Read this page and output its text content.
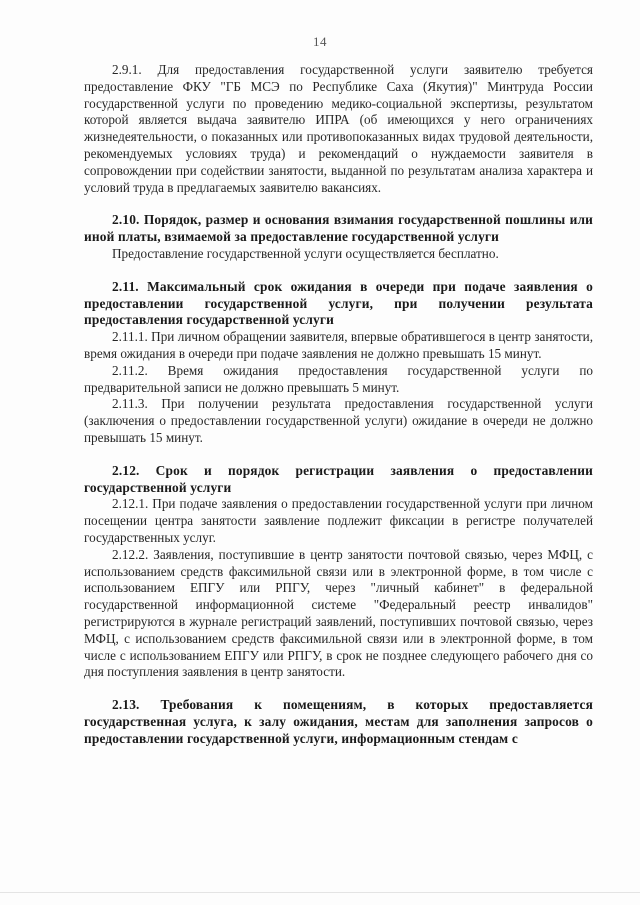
14

2.9.1. Для предоставления государственной услуги заявителю требуется предоставление ФКУ "ГБ МСЭ по Республике Саха (Якутия)" Минтруда России государственной услуги по проведению медико-социальной экспертизы, результатом которой является выдача заявителю ИПРА (об имеющихся у него ограничениях жизнедеятельности, о показанных или противопоказанных видах трудовой деятельности, рекомендуемых условиях труда) и рекомендаций о нуждаемости заявителя в сопровождении при содействии занятости, выданной по результатам анализа характера и условий труда в предлагаемых заявителю вакансиях.

2.10. Порядок, размер и основания взимания государственной пошлины или иной платы, взимаемой за предоставление государственной услуги

Предоставление государственной услуги осуществляется бесплатно.

2.11. Максимальный срок ожидания в очереди при подаче заявления о предоставлении государственной услуги, при получении результата предоставления государственной услуги

2.11.1. При личном обращении заявителя, впервые обратившегося в центр занятости, время ожидания в очереди при подаче заявления не должно превышать 15 минут.

2.11.2. Время ожидания предоставления государственной услуги по предварительной записи не должно превышать 5 минут.

2.11.3. При получении результата предоставления государственной услуги (заключения о предоставлении государственной услуги) ожидание в очереди не должно превышать 15 минут.

2.12. Срок и порядок регистрации заявления о предоставлении государственной услуги

2.12.1. При подаче заявления о предоставлении государственной услуги при личном посещении центра занятости заявление подлежит фиксации в регистре получателей государственных услуг.

2.12.2. Заявления, поступившие в центр занятости почтовой связью, через МФЦ, с использованием средств факсимильной связи или в электронной форме, в том числе с использованием ЕПГУ или РПГУ, через "личный кабинет" в федеральной государственной информационной системе "Федеральный реестр инвалидов" регистрируются в журнале регистраций заявлений, поступивших почтовой связью, через МФЦ, с использованием средств факсимильной связи или в электронной форме, в том числе с использованием ЕПГУ или РПГУ, в срок не позднее следующего рабочего дня со дня поступления заявления в центр занятости.

2.13. Требования к помещениям, в которых предоставляется государственная услуга, к залу ожидания, местам для заполнения запросов о предоставлении государственной услуги, информационным стендам с
